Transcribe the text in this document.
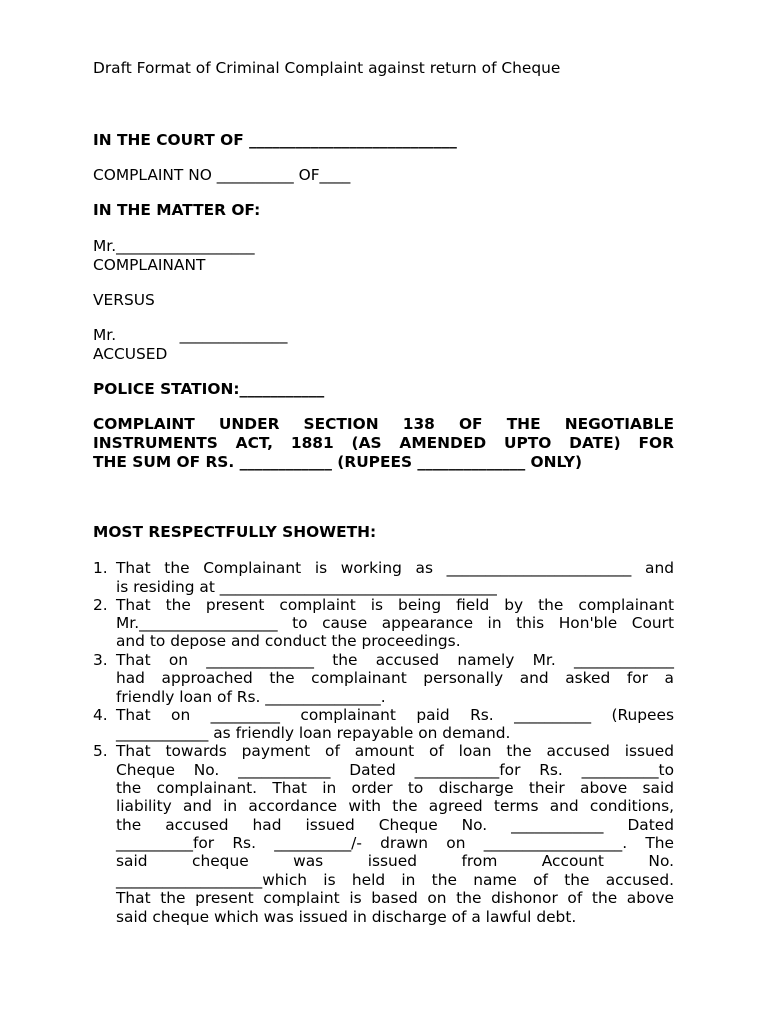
Draft Format of Criminal Complaint against return of Cheque
IN THE COURT OF ___________________________
COMPLAINT NO __________ OF____
IN THE MATTER OF:
Mr.__________________
COMPLAINANT
VERSUS
Mr.             ______________
ACCUSED
POLICE STATION:___________
COMPLAINT UNDER SECTION 138 OF THE NEGOTIABLE
INSTRUMENTS ACT, 1881 (AS AMENDED UPTO DATE) FOR
THE SUM OF RS. ____________ (RUPEES ______________ ONLY)
MOST RESPECTFULLY SHOWETH:
1. That the Complainant is working as ________________________ and
is residing at ____________________________________
2. That the present complaint is being field by the complainant
Mr.__________________ to cause appearance in this Hon'ble Court
and to depose and conduct the proceedings.
3. That on ______________ the accused namely Mr. _____________
had approached the complainant personally and asked for a
friendly loan of Rs. _______________.
4. That on _________ complainant paid Rs. __________ (Rupees
____________ as friendly loan repayable on demand.
5. That towards payment of amount of loan the accused issued
Cheque No. ____________ Dated ___________for Rs. __________to
the complainant. That in order to discharge their above said
liability and in accordance with the agreed terms and conditions,
the accused had issued Cheque No. ____________ Dated
__________for Rs. __________/- drawn on __________________. The
said cheque was issued from Account No.
___________________which is held in the name of the accused.
That the present complaint is based on the dishonor of the above
said cheque which was issued in discharge of a lawful debt.
